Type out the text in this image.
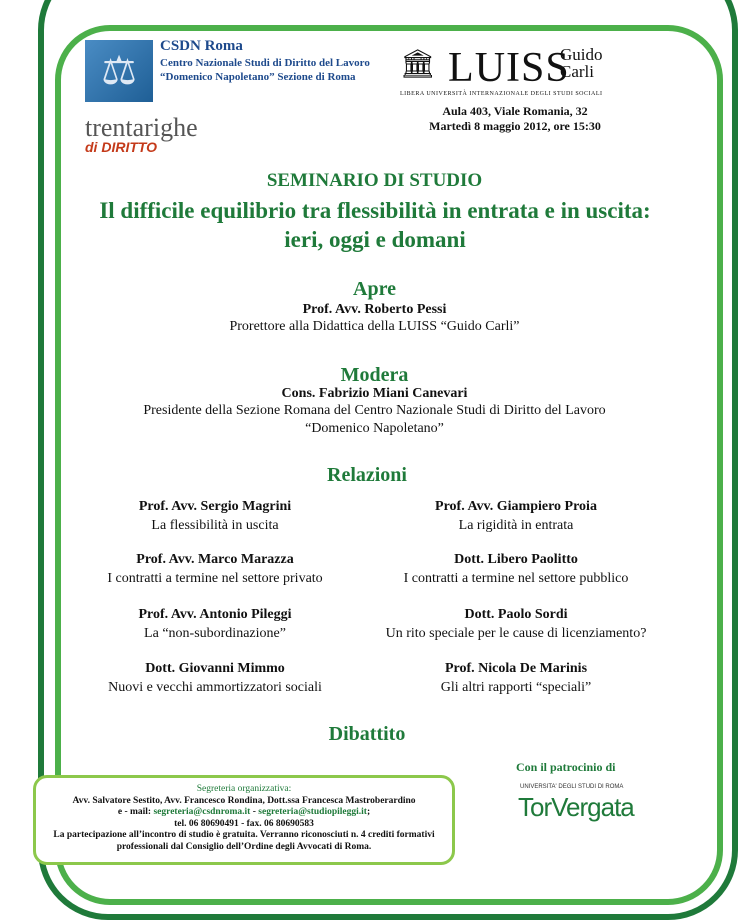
⚖
CSDN Roma
Centro Nazionale Studi di Diritto del Lavoro
“Domenico Napoletano” Sezione di Roma	🏛 LUISS
Guido
Carli
LIBERA UNIVERSITÀ INTERNAZIONALE DEGLI STUDI SOCIALI
trentarighe
di DIRITTO
Aula 403, Viale Romania, 32
Martedì 8 maggio 2012, ore 15:30
SEMINARIO DI STUDIO
Il difficile equilibrio tra flessibilità in entrata e in uscita: ieri, oggi e domani
Apre
Prof. Avv. Roberto Pessi
Prorettore alla Didattica della LUISS “Guido Carli”
Modera
Cons. Fabrizio Miani Canevari
Presidente della Sezione Romana del Centro Nazionale Studi di Diritto del Lavoro
“Domenico Napoletano”
Relazioni
Prof. Avv. Sergio Magrini
La flessibilità in uscita
Prof. Avv. Giampiero Proia
La rigidità in entrata
Prof. Avv. Marco Marazza
I contratti a termine nel settore privato
Dott. Libero Paolitto
I contratti a termine nel settore pubblico
Prof. Avv. Antonio Pileggi
La “non-subordinazione”
Dott. Paolo Sordi
Un rito speciale per le cause di licenziamento?
Dott. Giovanni Mimmo
Nuovi e vecchi ammortizzatori sociali
Prof. Nicola De Marinis
Gli altri rapporti “speciali”
Dibattito
Con il patrocinio di
UNIVERSITA' DEGLI STUDI DI ROMA
TorVergata
Segreteria organizzativa:
Avv. Salvatore Sestito, Avv. Francesco Rondina, Dott.ssa Francesca Mastroberardino
e - mail: segreteria@csdnroma.it - segreteria@studiopileggi.it;
tel. 06 80690491 - fax. 06 80690583
La partecipazione all’incontro di studio è gratuita. Verranno riconosciuti n. 4 crediti formativi
professionali dal Consiglio dell’Ordine degli Avvocati di Roma.
